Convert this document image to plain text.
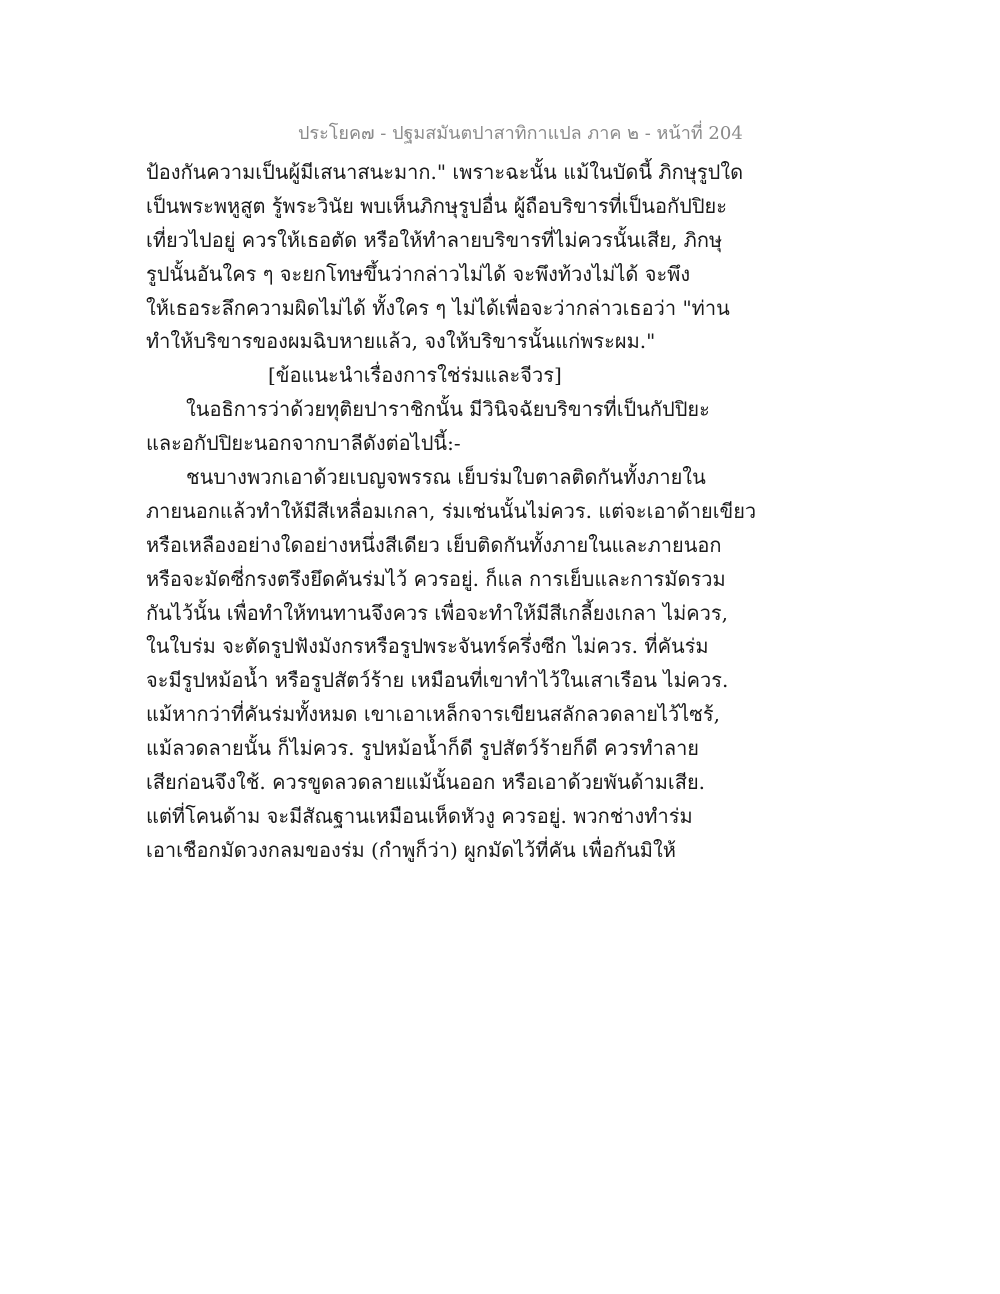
ประโยค๗ - ปฐมสมันตปาสาทิกาแปล ภาค ๒ - หน้าที่ 204
ป้องกันความเป็นผู้มีเสนาสนะมาก." เพราะฉะนั้น แม้ในบัดนี้ ภิกษุรูปใด
เป็นพระพหูสูต รู้พระวินัย พบเห็นภิกษุรูปอื่น ผู้ถือบริขารที่เป็นอกัปปิยะ
เที่ยวไปอยู่ ควรให้เธอตัด หรือให้ทำลายบริขารที่ไม่ควรนั้นเสีย, ภิกษุ
รูปนั้นอันใคร ๆ จะยกโทษขึ้นว่ากล่าวไม่ได้ จะพึงท้วงไม่ได้ จะพึง
ให้เธอระลึกความผิดไม่ได้ ทั้งใคร ๆ ไม่ได้เพื่อจะว่ากล่าวเธอว่า "ท่าน
ทำให้บริขารของผมฉิบหายแล้ว, จงให้บริขารนั้นแก่พระผม."
[ข้อแนะนำเรื่องการใช่ร่มและจีวร]
ในอธิการว่าด้วยทุติยปาราชิกนั้น มีวินิจฉัยบริขารที่เป็นกัปปิยะ
และอกัปปิยะนอกจากบาลีดังต่อไปนี้:-
ชนบางพวกเอาด้วยเบญจพรรณ เย็บร่มใบตาลติดกันทั้งภายใน
ภายนอกแล้วทำให้มีสีเหลื่อมเกลา, ร่มเช่นนั้นไม่ควร. แต่จะเอาด้ายเขียว
หรือเหลืองอย่างใดอย่างหนึ่งสีเดียว เย็บติดกันทั้งภายในและภายนอก
หรือจะมัดซี่กรงตรึงยึดคันร่มไว้ ควรอยู่. ก็แล การเย็บและการมัดรวม
กันไว้นั้น เพื่อทำให้ทนทานจึงควร เพื่อจะทำให้มีสีเกลี้ยงเกลา ไม่ควร,
ในใบร่ม จะตัดรูปฟังมังกรหรือรูปพระจันทร์ครึ่งซีก ไม่ควร. ที่คันร่ม
จะมีรูปหม้อน้ำ หรือรูปสัตว์ร้าย เหมือนที่เขาทำไว้ในเสาเรือน ไม่ควร.
แม้หากว่าที่คันร่มทั้งหมด เขาเอาเหล็กจารเขียนสลักลวดลายไว้ไซร้,
แม้ลวดลายนั้น ก็ไม่ควร. รูปหม้อน้ำก็ดี รูปสัตว์ร้ายก็ดี ควรทำลาย
เสียก่อนจึงใช้. ควรขูดลวดลายแม้นั้นออก หรือเอาด้วยพันด้ามเสีย.
แต่ที่โคนด้าม จะมีสัณฐานเหมือนเห็ดหัวงู ควรอยู่. พวกช่างทำร่ม
เอาเชือกมัดวงกลมของร่ม (กำพูก็ว่า) ผูกมัดไว้ที่คัน เพื่อกันมิให้
